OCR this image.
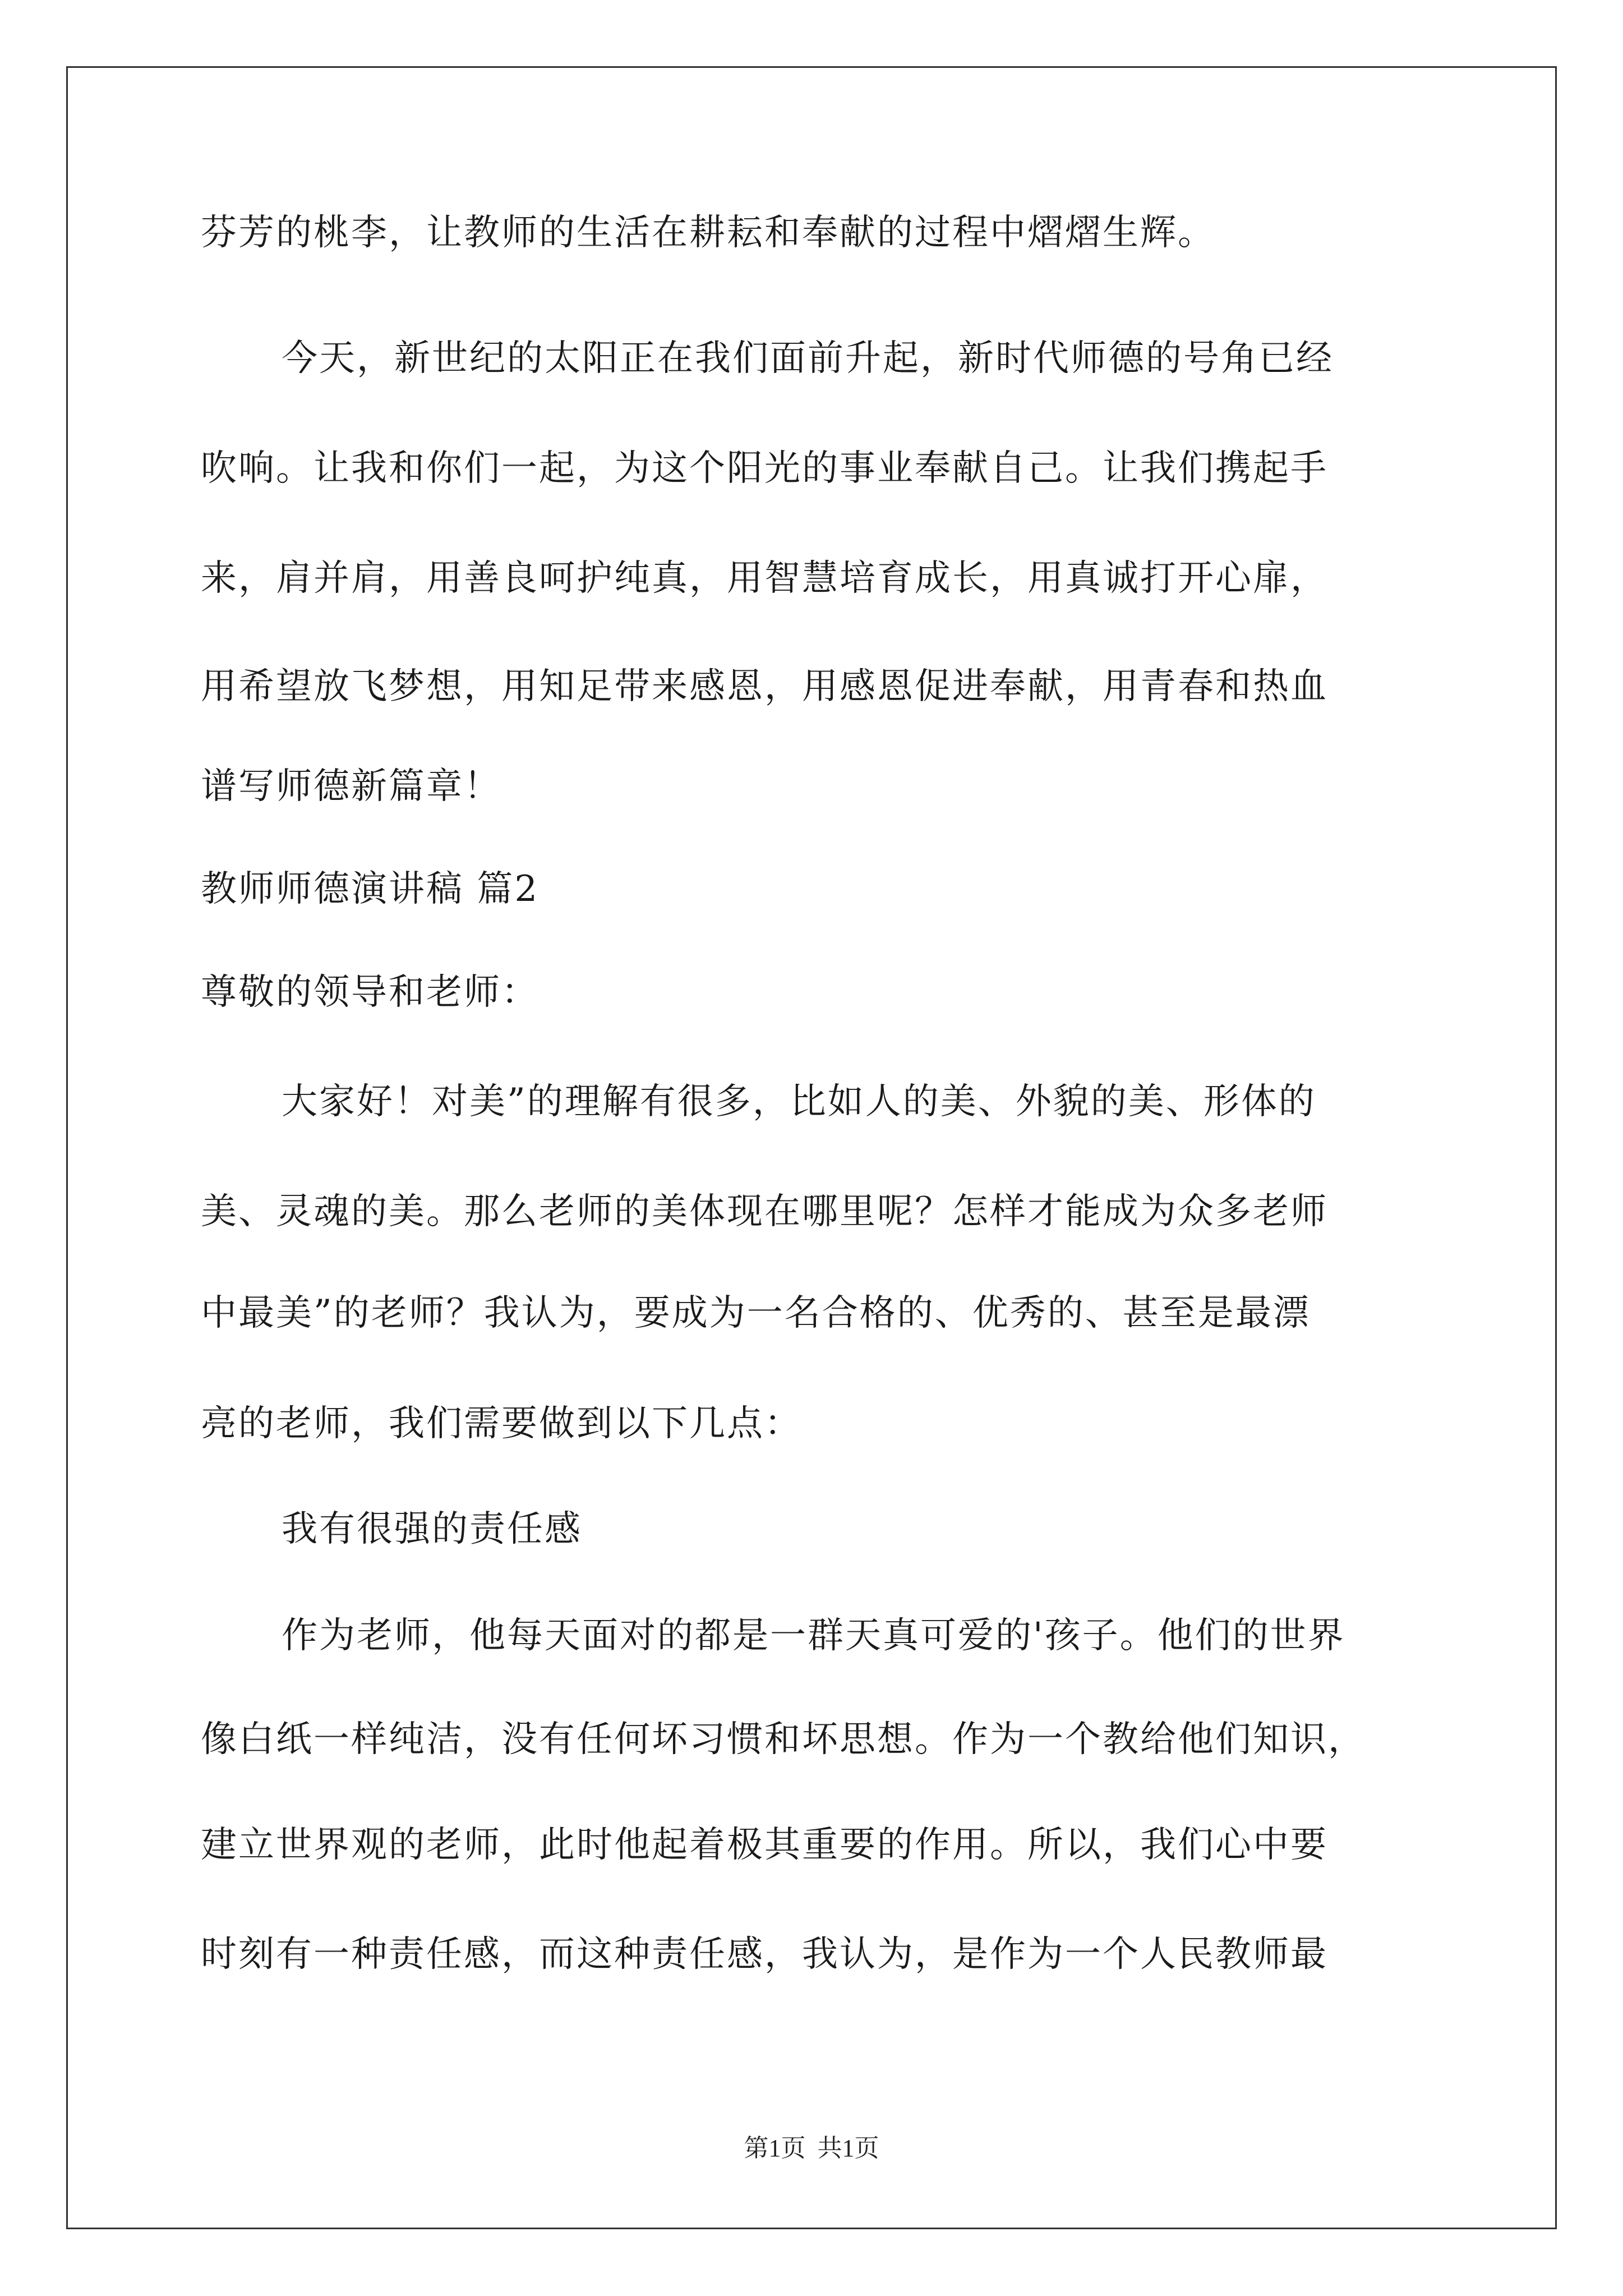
芬芳的桃李，让教师的生活在耕耘和奉献的过程中熠熠生辉。
今天，新世纪的太阳正在我们面前升起，新时代师德的号角已经
吹响。让我和你们一起，为这个阳光的事业奉献自己。让我们携起手
来，肩并肩，用善良呵护纯真，用智慧培育成长，用真诚打开心扉，
用希望放飞梦想，用知足带来感恩，用感恩促进奉献，用青春和热血
谱写师德新篇章！
教师师德演讲稿 篇2
尊敬的领导和老师：
大家好！对美”的理解有很多，比如人的美、外貌的美、形体的
美、灵魂的美。那么老师的美体现在哪里呢？怎样才能成为众多老师
中最美”的老师？我认为，要成为一名合格的、优秀的、甚至是最漂
亮的老师，我们需要做到以下几点：
我有很强的责任感
作为老师，他每天面对的都是一群天真可爱的'孩子。他们的世界
像白纸一样纯洁，没有任何坏习惯和坏思想。作为一个教给他们知识，
建立世界观的老师，此时他起着极其重要的作用。所以，我们心中要
时刻有一种责任感，而这种责任感，我认为，是作为一个人民教师最
第1页 共1页
